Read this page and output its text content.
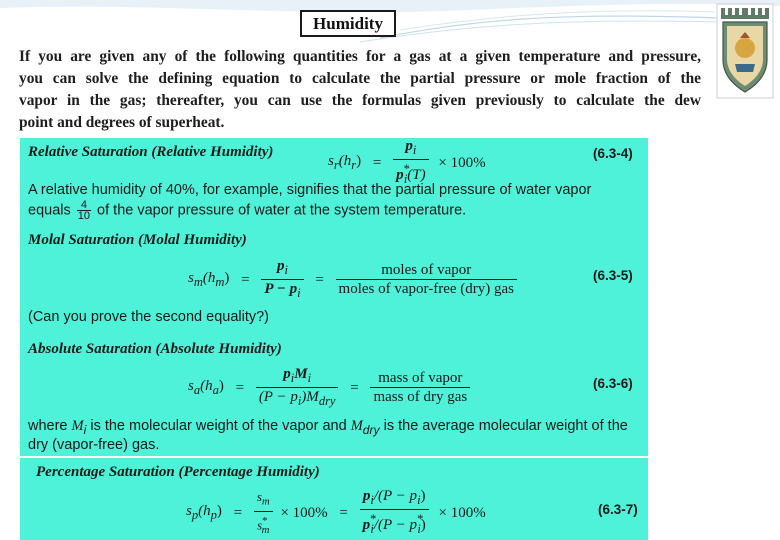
Humidity
If you are given any of the following quantities for a gas at a given temperature and pressure,
you can solve the defining equation to calculate the partial pressure or mole fraction of the
vapor in the gas; thereafter, you can use the formulas given previously to calculate the dew
point and degrees of superheat.
Relative Saturation (Relative Humidity)
$s_r(h_r) = \frac{p_i}{p^*_i(T)} \times 100\%$
(6.3-4)
A relative humidity of 40%, for example, signifies that the partial pressure of water vapor
equals $\frac{4}{10}$ of the vapor pressure of water at the system temperature.
Molal Saturation (Molal Humidity)
$s_m(h_m) = \frac{p_i}{P - p_i} = \frac{\text{moles of vapor}}{\text{moles of vapor-free (dry) gas}}$	(6.3-5)
(Can you prove the second equality?)
Absolute Saturation (Absolute Humidity)
$s_a(h_a) = \frac{p_iM_i}{(P - p_i)M_{dry}} = \frac{\text{mass of vapor}}{\text{mass of dry gas}}$	(6.3-6)
where $M_i$ is the molecular weight of the vapor and $M_{dry}$ is the average molecular weight of the
dry (vapor-free) gas.
Percentage Saturation (Percentage Humidity)
$s_p(h_p) = \frac{s_m}{s^*_m} \times 100\% = \frac{p_i/(P - p_i)}{p^*_i/(P - p^*_i)} \times 100\%$	(6.3-7)
